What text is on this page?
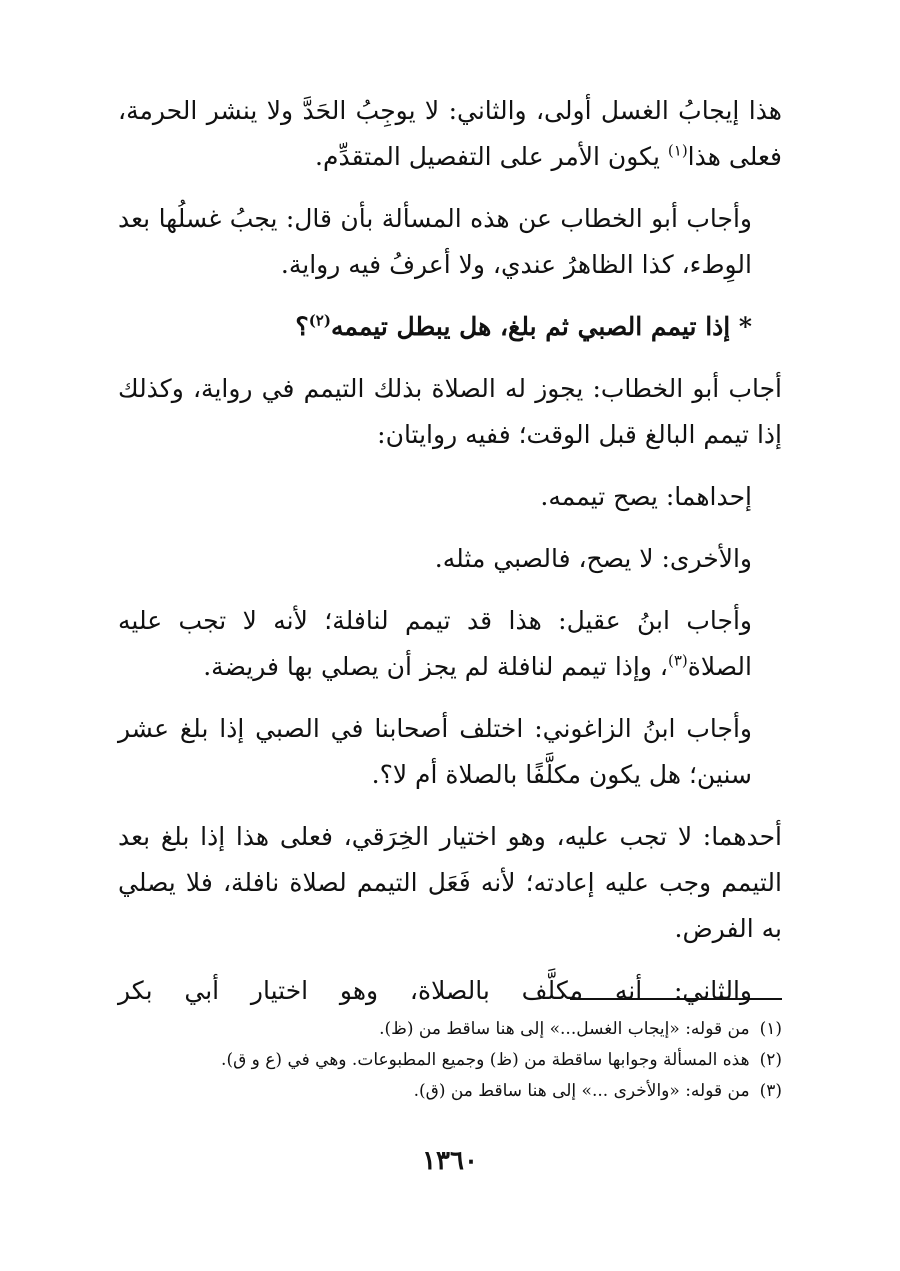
هذا إيجابُ الغسل أولى، والثاني: لا يوجِبُ الحَدَّ ولا ينشر الحرمة، فعلى هذا$^{(١)}$ يكون الأمر على التفصيل المتقدِّم.

وأجاب أبو الخطاب عن هذه المسألة بأن قال: يجبُ غسلُها بعد الوِطء، كذا الظاهرُ عندي، ولا أعرفُ فيه رواية.

* إذا تيمم الصبي ثم بلغ، هل يبطل تيممه$^{(٢)}$؟

أجاب أبو الخطاب: يجوز له الصلاة بذلك التيمم في رواية، وكذلك إذا تيمم البالغ قبل الوقت؛ ففيه روايتان:

إحداهما: يصح تيممه.

والأخرى: لا يصح، فالصبي مثله.

وأجاب ابنُ عقيل: هذا قد تيمم لنافلة؛ لأنه لا تجب عليه الصلاة$^{(٣)}$، وإذا تيمم لنافلة لم يجز أن يصلي بها فريضة.

وأجاب ابنُ الزاغوني: اختلف أصحابنا في الصبي إذا بلغ عشر سنين؛ هل يكون مكلَّفًا بالصلاة أم لا؟.

أحدهما: لا تجب عليه، وهو اختيار الخِرَقي، فعلى هذا إذا بلغ بعد التيمم وجب عليه إعادته؛ لأنه فَعَل التيمم لصلاة نافلة، فلا يصلي به الفرض.

والثاني: أنه مكلَّف بالصلاة، وهو اختيار أبي بكر

(١)من قوله: «إيجاب الغسل...» إلى هنا ساقط من (ظ).

(٢)هذه المسألة وجوابها ساقطة من (ظ) وجميع المطبوعات. وهي في (ع و ق).

(٣)من قوله: «والأخرى ...» إلى هنا ساقط من (ق).

١٣٦٠
